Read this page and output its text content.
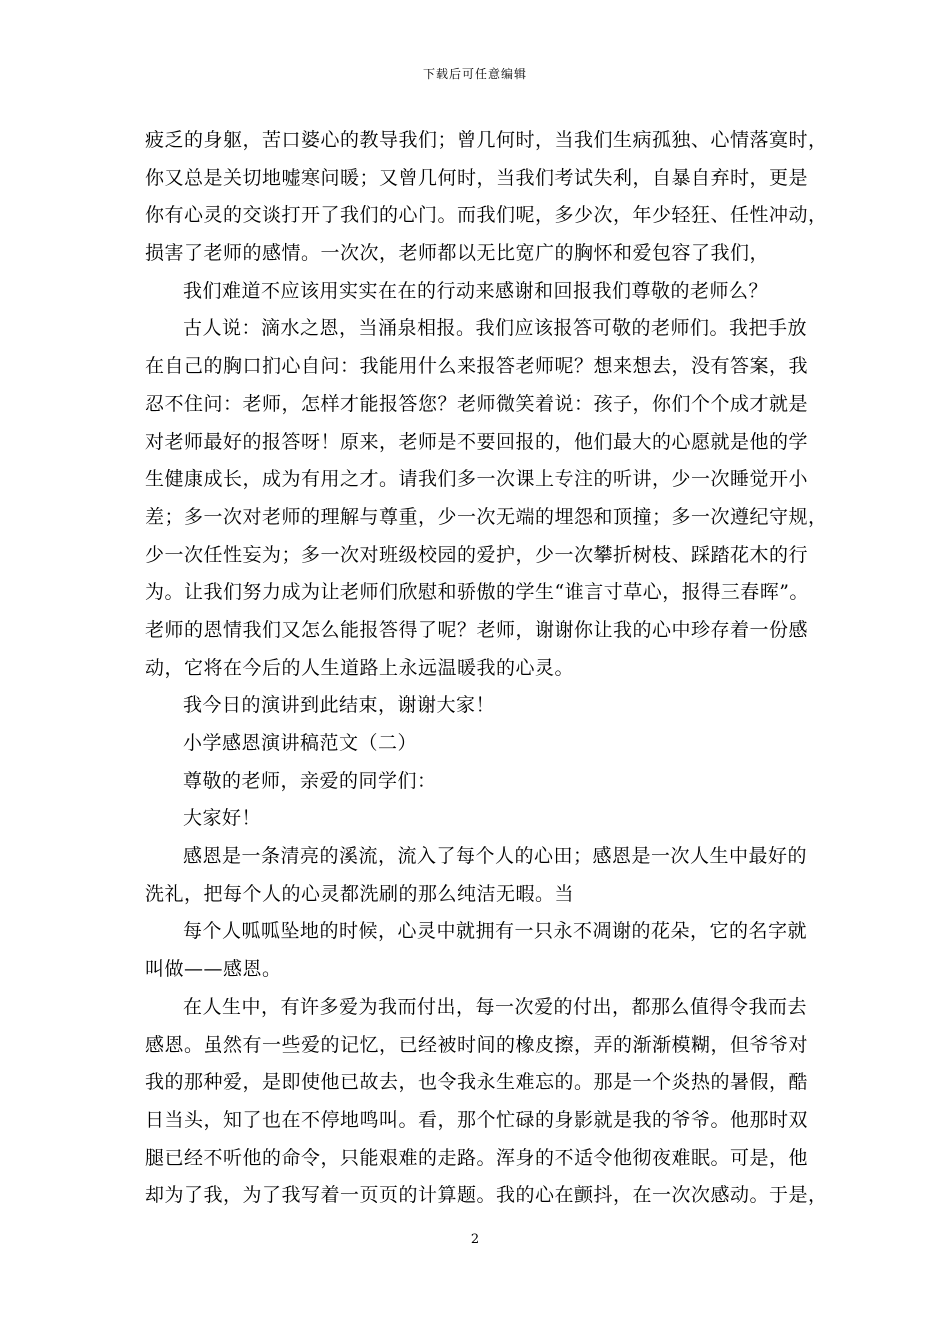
下载后可任意编辑
疲乏的身躯，苦口婆心的教导我们；曾几何时，当我们生病孤独、心情落寞时，
你又总是关切地嘘寒问暖；又曾几何时，当我们考试失利，自暴自弃时，更是
你有心灵的交谈打开了我们的心门。而我们呢，多少次，年少轻狂、任性冲动，
损害了老师的感情。一次次，老师都以无比宽广的胸怀和爱包容了我们，
我们难道不应该用实实在在的行动来感谢和回报我们尊敬的老师么？
古人说：滴水之恩，当涌泉相报。我们应该报答可敬的老师们。我把手放
在自己的胸口扪心自问：我能用什么来报答老师呢？想来想去，没有答案，我
忍不住问：老师，怎样才能报答您？老师微笑着说：孩子，你们个个成才就是
对老师最好的报答呀！原来，老师是不要回报的，他们最大的心愿就是他的学
生健康成长，成为有用之才。请我们多一次课上专注的听讲，少一次睡觉开小
差；多一次对老师的理解与尊重，少一次无端的埋怨和顶撞；多一次遵纪守规，
少一次任性妄为；多一次对班级校园的爱护，少一次攀折树枝、踩踏花木的行
为。让我们努力成为让老师们欣慰和骄傲的学生“谁言寸草心，报得三春晖”。
老师的恩情我们又怎么能报答得了呢？老师，谢谢你让我的心中珍存着一份感
动，它将在今后的人生道路上永远温暖我的心灵。
我今日的演讲到此结束，谢谢大家！
小学感恩演讲稿范文（二）
尊敬的老师，亲爱的同学们：
大家好！
感恩是一条清亮的溪流，流入了每个人的心田；感恩是一次人生中最好的
洗礼，把每个人的心灵都洗刷的那么纯洁无暇。当
每个人呱呱坠地的时候，心灵中就拥有一只永不凋谢的花朵，它的名字就
叫做——感恩。
在人生中，有许多爱为我而付出，每一次爱的付出，都那么值得令我而去
感恩。虽然有一些爱的记忆，已经被时间的橡皮擦，弄的渐渐模糊，但爷爷对
我的那种爱，是即使他已故去，也令我永生难忘的。那是一个炎热的暑假，酷
日当头，知了也在不停地鸣叫。看，那个忙碌的身影就是我的爷爷。他那时双
腿已经不听他的命令，只能艰难的走路。浑身的不适令他彻夜难眠。可是，他
却为了我，为了我写着一页页的计算题。我的心在颤抖，在一次次感动。于是，
2
